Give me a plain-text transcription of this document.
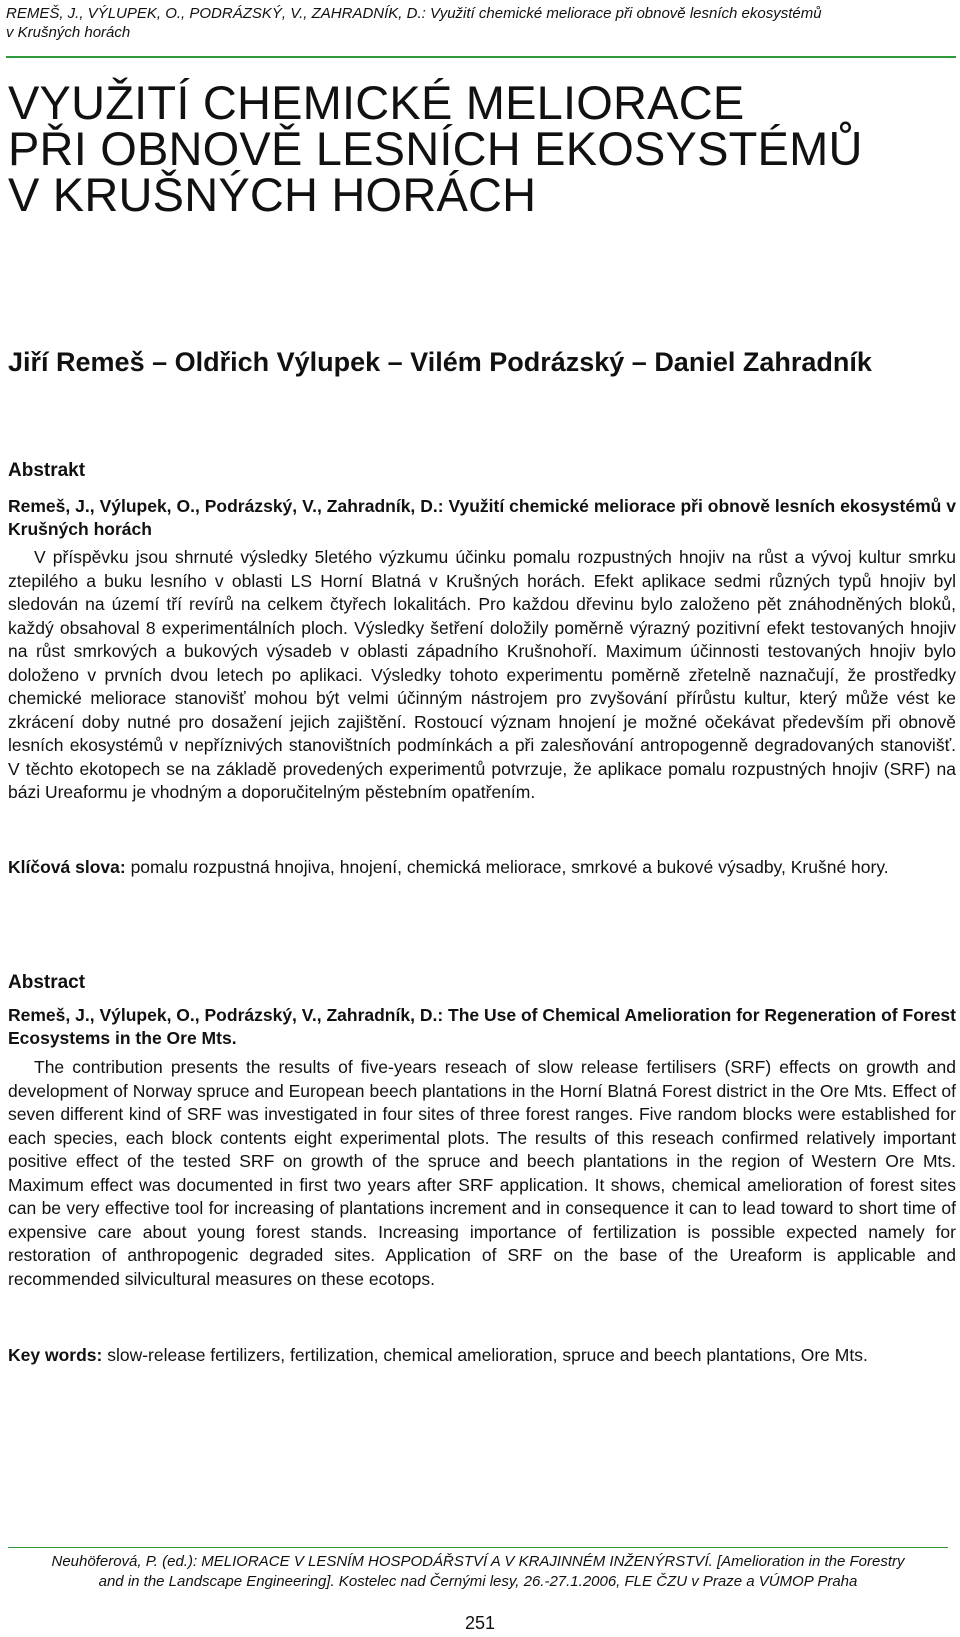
REMEŠ, J., VÝLUPEK, O., PODRÁZSKÝ, V., ZAHRADNÍK, D.: Využití chemické meliorace při obnově lesních ekosystémů
v Krušných horách
VYUŽITÍ CHEMICKÉ MELIORACE
PŘI OBNOVĚ LESNÍCH EKOSYSTÉMŮ
V KRUŠNÝCH HORÁCH
Jiří Remeš – Oldřich Výlupek – Vilém Podrázský – Daniel Zahradník
Abstrakt
Remeš, J., Výlupek, O., Podrázský, V., Zahradník, D.: Využití chemické meliorace při obnově lesních ekosystémů v Krušných horách

V příspěvku jsou shrnuté výsledky 5letého výzkumu účinku pomalu rozpustných hnojiv na růst a vývoj kultur smrku ztepilého a buku lesního v oblasti LS Horní Blatná v Krušných horách. Efekt aplikace sedmi různých typů hnojiv byl sledován na území tří revírů na celkem čtyřech lokalitách. Pro každou dřevinu bylo založeno pět znáhodněných bloků, každý obsahoval 8 experimentálních ploch. Výsledky šetření doložily poměrně výrazný pozitivní efekt testovaných hnojiv na růst smrkových a bukových výsadeb v oblasti západního Krušnohoří. Maximum účinnosti testovaných hnojiv bylo doloženo v prvních dvou letech po aplikaci. Výsledky tohoto experimentu poměrně zřetelně naznačují, že prostředky chemické meliorace stanovišť mohou být velmi účinným nástrojem pro zvyšování přírůstu kultur, který může vést ke zkrácení doby nutné pro dosažení jejich zajištění. Rostoucí význam hnojení je možné očekávat především při obnově lesních ekosystémů v nepříznivých stanovištních podmínkách a při zalesňování antropogenně degradovaných stanovišť. V těchto ekotopech se na základě provedených experimentů potvrzuje, že aplikace pomalu rozpustných hnojiv (SRF) na bázi Ureaformu je vhodným a doporučitelným pěstebním opatřením.

Klíčová slova: pomalu rozpustná hnojiva, hnojení, chemická meliorace, smrkové a bukové výsadby, Krušné hory.
Abstract
Remeš, J., Výlupek, O., Podrázský, V., Zahradník, D.: The Use of Chemical Amelioration for Regeneration of Forest Ecosystems in the Ore Mts.

The contribution presents the results of five-years reseach of slow release fertilisers (SRF) effects on growth and development of Norway spruce and European beech plantations in the Horní Blatná Forest district in the Ore Mts. Effect of seven different kind of SRF was investigated in four sites of three forest ranges. Five random blocks were established for each species, each block contents eight experimental plots. The results of this reseach confirmed relatively important positive effect of the tested SRF on growth of the spruce and beech plantations in the region of Western Ore Mts. Maximum effect was documented in first two years after SRF application. It shows, chemical amelioration of forest sites can be very effective tool for increasing of plantations increment and in consequence it can to lead toward to short time of expensive care about young forest stands. Increasing importance of fertilization is possible expected namely for restoration of anthropogenic degraded sites. Application of SRF on the base of the Ureaform is applicable and recommended silvicultural measures on these ecotops.

Key words: slow-release fertilizers, fertilization, chemical amelioration, spruce and beech plantations, Ore Mts.
Neuhöferová, P. (ed.): MELIORACE V LESNÍM HOSPODÁŘSTVÍ A V KRAJINNÉM INŽENÝRSTVÍ. [Amelioration in the Forestry
and in the Landscape Engineering]. Kostelec nad Černými lesy, 26.-27.1.2006, FLE ČZU v Praze a VÚMOP Praha
251
